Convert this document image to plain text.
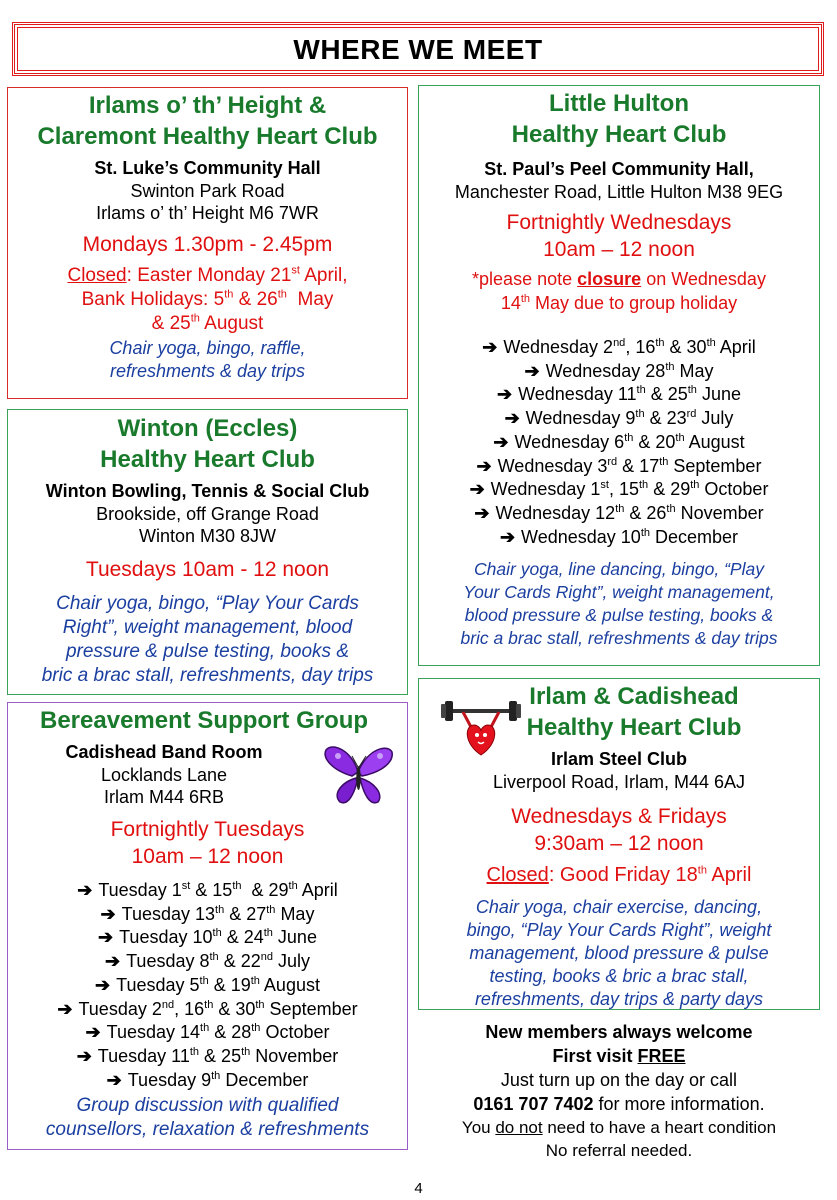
WHERE WE MEET
Irlams o’ th’ Height &
Claremont Healthy Heart Club
St. Luke’s Community Hall
Swinton Park Road
Irlams o’ th’ Height M6 7WR
Mondays 1.30pm - 2.45pm
Closed: Easter Monday 21st April,
Bank Holidays: 5th & 26th  May
& 25th August
Chair yoga, bingo, raffle,
refreshments & day trips
Winton (Eccles)
Healthy Heart Club
Winton Bowling, Tennis & Social Club
Brookside, off Grange Road
Winton M30 8JW
Tuesdays 10am - 12 noon
Chair yoga, bingo, “Play Your Cards
Right”, weight management, blood
pressure & pulse testing, books &
bric a brac stall, refreshments, day trips
Bereavement Support Group
Cadishead Band Room
Locklands Lane
Irlam M44 6RB
Fortnightly Tuesdays
10am – 12 noon
➔ Tuesday 1st & 15th  & 29th April
➔ Tuesday 13th & 27th May
➔ Tuesday 10th & 24th June
➔ Tuesday 8th & 22nd July
➔ Tuesday 5th & 19th August
➔ Tuesday 2nd, 16th & 30th September
➔ Tuesday 14th & 28th October
➔ Tuesday 11th & 25th November
➔ Tuesday 9th December
Group discussion with qualified
counsellors, relaxation & refreshments
Little Hulton
Healthy Heart Club
St. Paul’s Peel Community Hall,
Manchester Road, Little Hulton M38 9EG
Fortnightly Wednesdays
10am – 12 noon
*please note closure on Wednesday
14th May due to group holiday
➔ Wednesday 2nd, 16th & 30th April
➔ Wednesday 28th May
➔ Wednesday 11th & 25th June
➔ Wednesday 9th & 23rd July
➔ Wednesday 6th & 20th August
➔ Wednesday 3rd & 17th September
➔ Wednesday 1st, 15th & 29th October
➔ Wednesday 12th & 26th November
➔ Wednesday 10th December
Chair yoga, line dancing, bingo, “Play
Your Cards Right”, weight management,
blood pressure & pulse testing, books &
bric a brac stall, refreshments & day trips
Irlam & Cadishead
Healthy Heart Club
Irlam Steel Club
Liverpool Road, Irlam, M44 6AJ
Wednesdays & Fridays
9:30am – 12 noon
Closed: Good Friday 18th April
Chair yoga, chair exercise, dancing,
bingo, “Play Your Cards Right”, weight
management, blood pressure & pulse
testing, books & bric a brac stall,
refreshments, day trips & party days
New members always welcome
First visit FREE
Just turn up on the day or call
0161 707 7402 for more information.
You do not need to have a heart condition
No referral needed.
4
